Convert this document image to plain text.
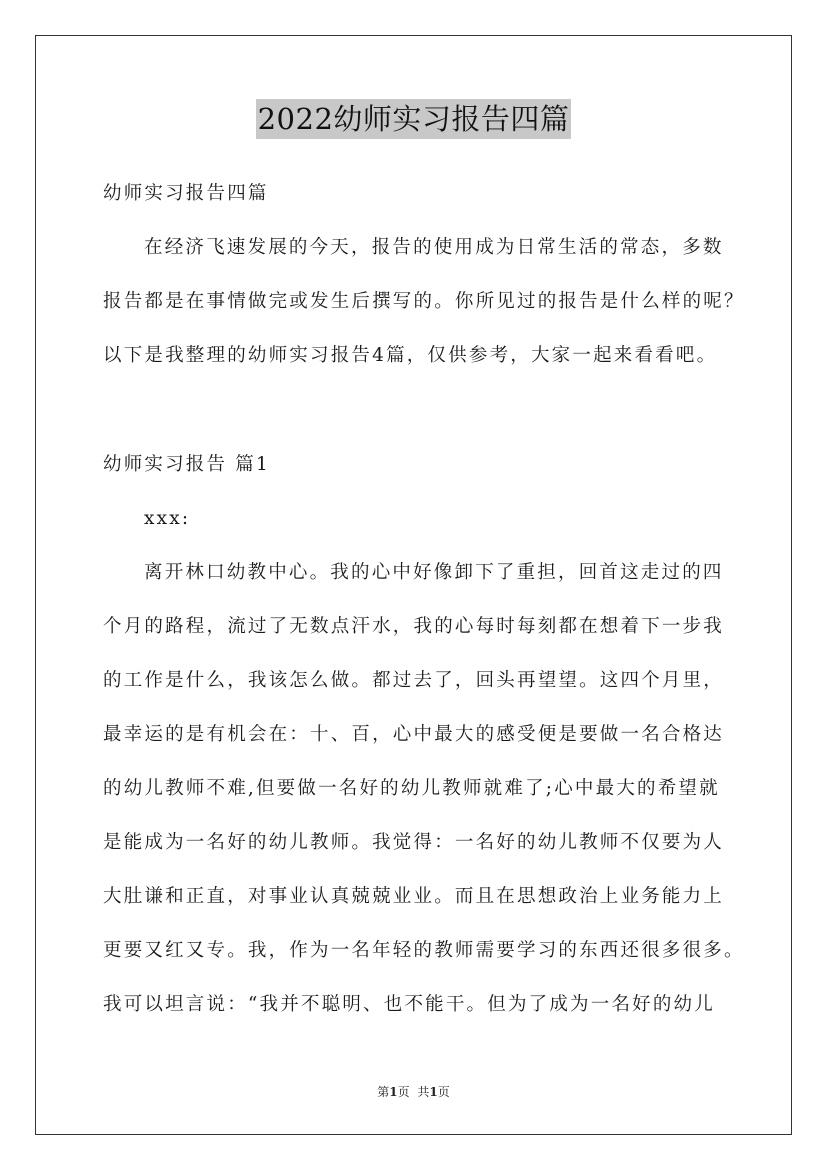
2022幼师实习报告四篇
幼师实习报告四篇
在经济飞速发展的今天，报告的使用成为日常生活的常态，多数
报告都是在事情做完或发生后撰写的。你所见过的报告是什么样的呢？
以下是我整理的幼师实习报告4篇，仅供参考，大家一起来看看吧。
幼师实习报告 篇1
xxx:
离开林口幼教中心。我的心中好像卸下了重担，回首这走过的四
个月的路程，流过了无数点汗水，我的心每时每刻都在想着下一步我
的工作是什么，我该怎么做。都过去了，回头再望望。这四个月里，
最幸运的是有机会在：十、百，心中最大的感受便是要做一名合格达
的幼儿教师不难,但要做一名好的幼儿教师就难了;心中最大的希望就
是能成为一名好的幼儿教师。我觉得：一名好的幼儿教师不仅要为人
大肚谦和正直，对事业认真兢兢业业。而且在思想政治上业务能力上
更要又红又专。我，作为一名年轻的教师需要学习的东西还很多很多。
我可以坦言说：“我并不聪明、也不能干。但为了成为一名好的幼儿
第1页 共1页
